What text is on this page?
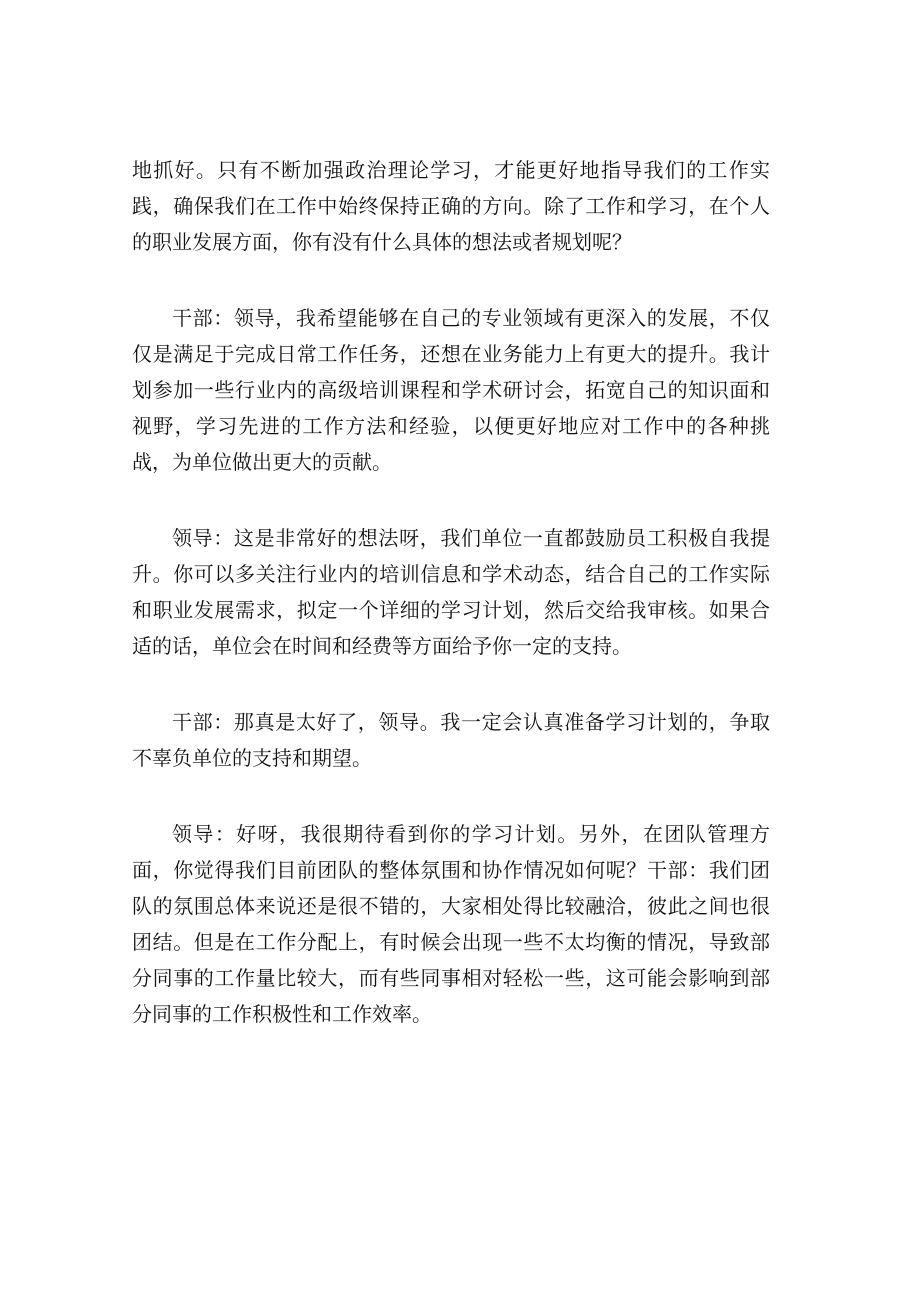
地抓好。只有不断加强政治理论学习，才能更好地指导我们的工作实践，确保我们在工作中始终保持正确的方向。除了工作和学习，在个人的职业发展方面，你有没有什么具体的想法或者规划呢？

干部：领导，我希望能够在自己的专业领域有更深入的发展，不仅仅是满足于完成日常工作任务，还想在业务能力上有更大的提升。我计划参加一些行业内的高级培训课程和学术研讨会，拓宽自己的知识面和视野，学习先进的工作方法和经验，以便更好地应对工作中的各种挑战，为单位做出更大的贡献。

领导：这是非常好的想法呀，我们单位一直都鼓励员工积极自我提升。你可以多关注行业内的培训信息和学术动态，结合自己的工作实际和职业发展需求，拟定一个详细的学习计划，然后交给我审核。如果合适的话，单位会在时间和经费等方面给予你一定的支持。

干部：那真是太好了，领导。我一定会认真准备学习计划的，争取不辜负单位的支持和期望。

领导：好呀，我很期待看到你的学习计划。另外，在团队管理方面，你觉得我们目前团队的整体氛围和协作情况如何呢？干部：我们团队的氛围总体来说还是很不错的，大家相处得比较融洽，彼此之间也很团结。但是在工作分配上，有时候会出现一些不太均衡的情况，导致部分同事的工作量比较大，而有些同事相对轻松一些，这可能会影响到部分同事的工作积极性和工作效率。
